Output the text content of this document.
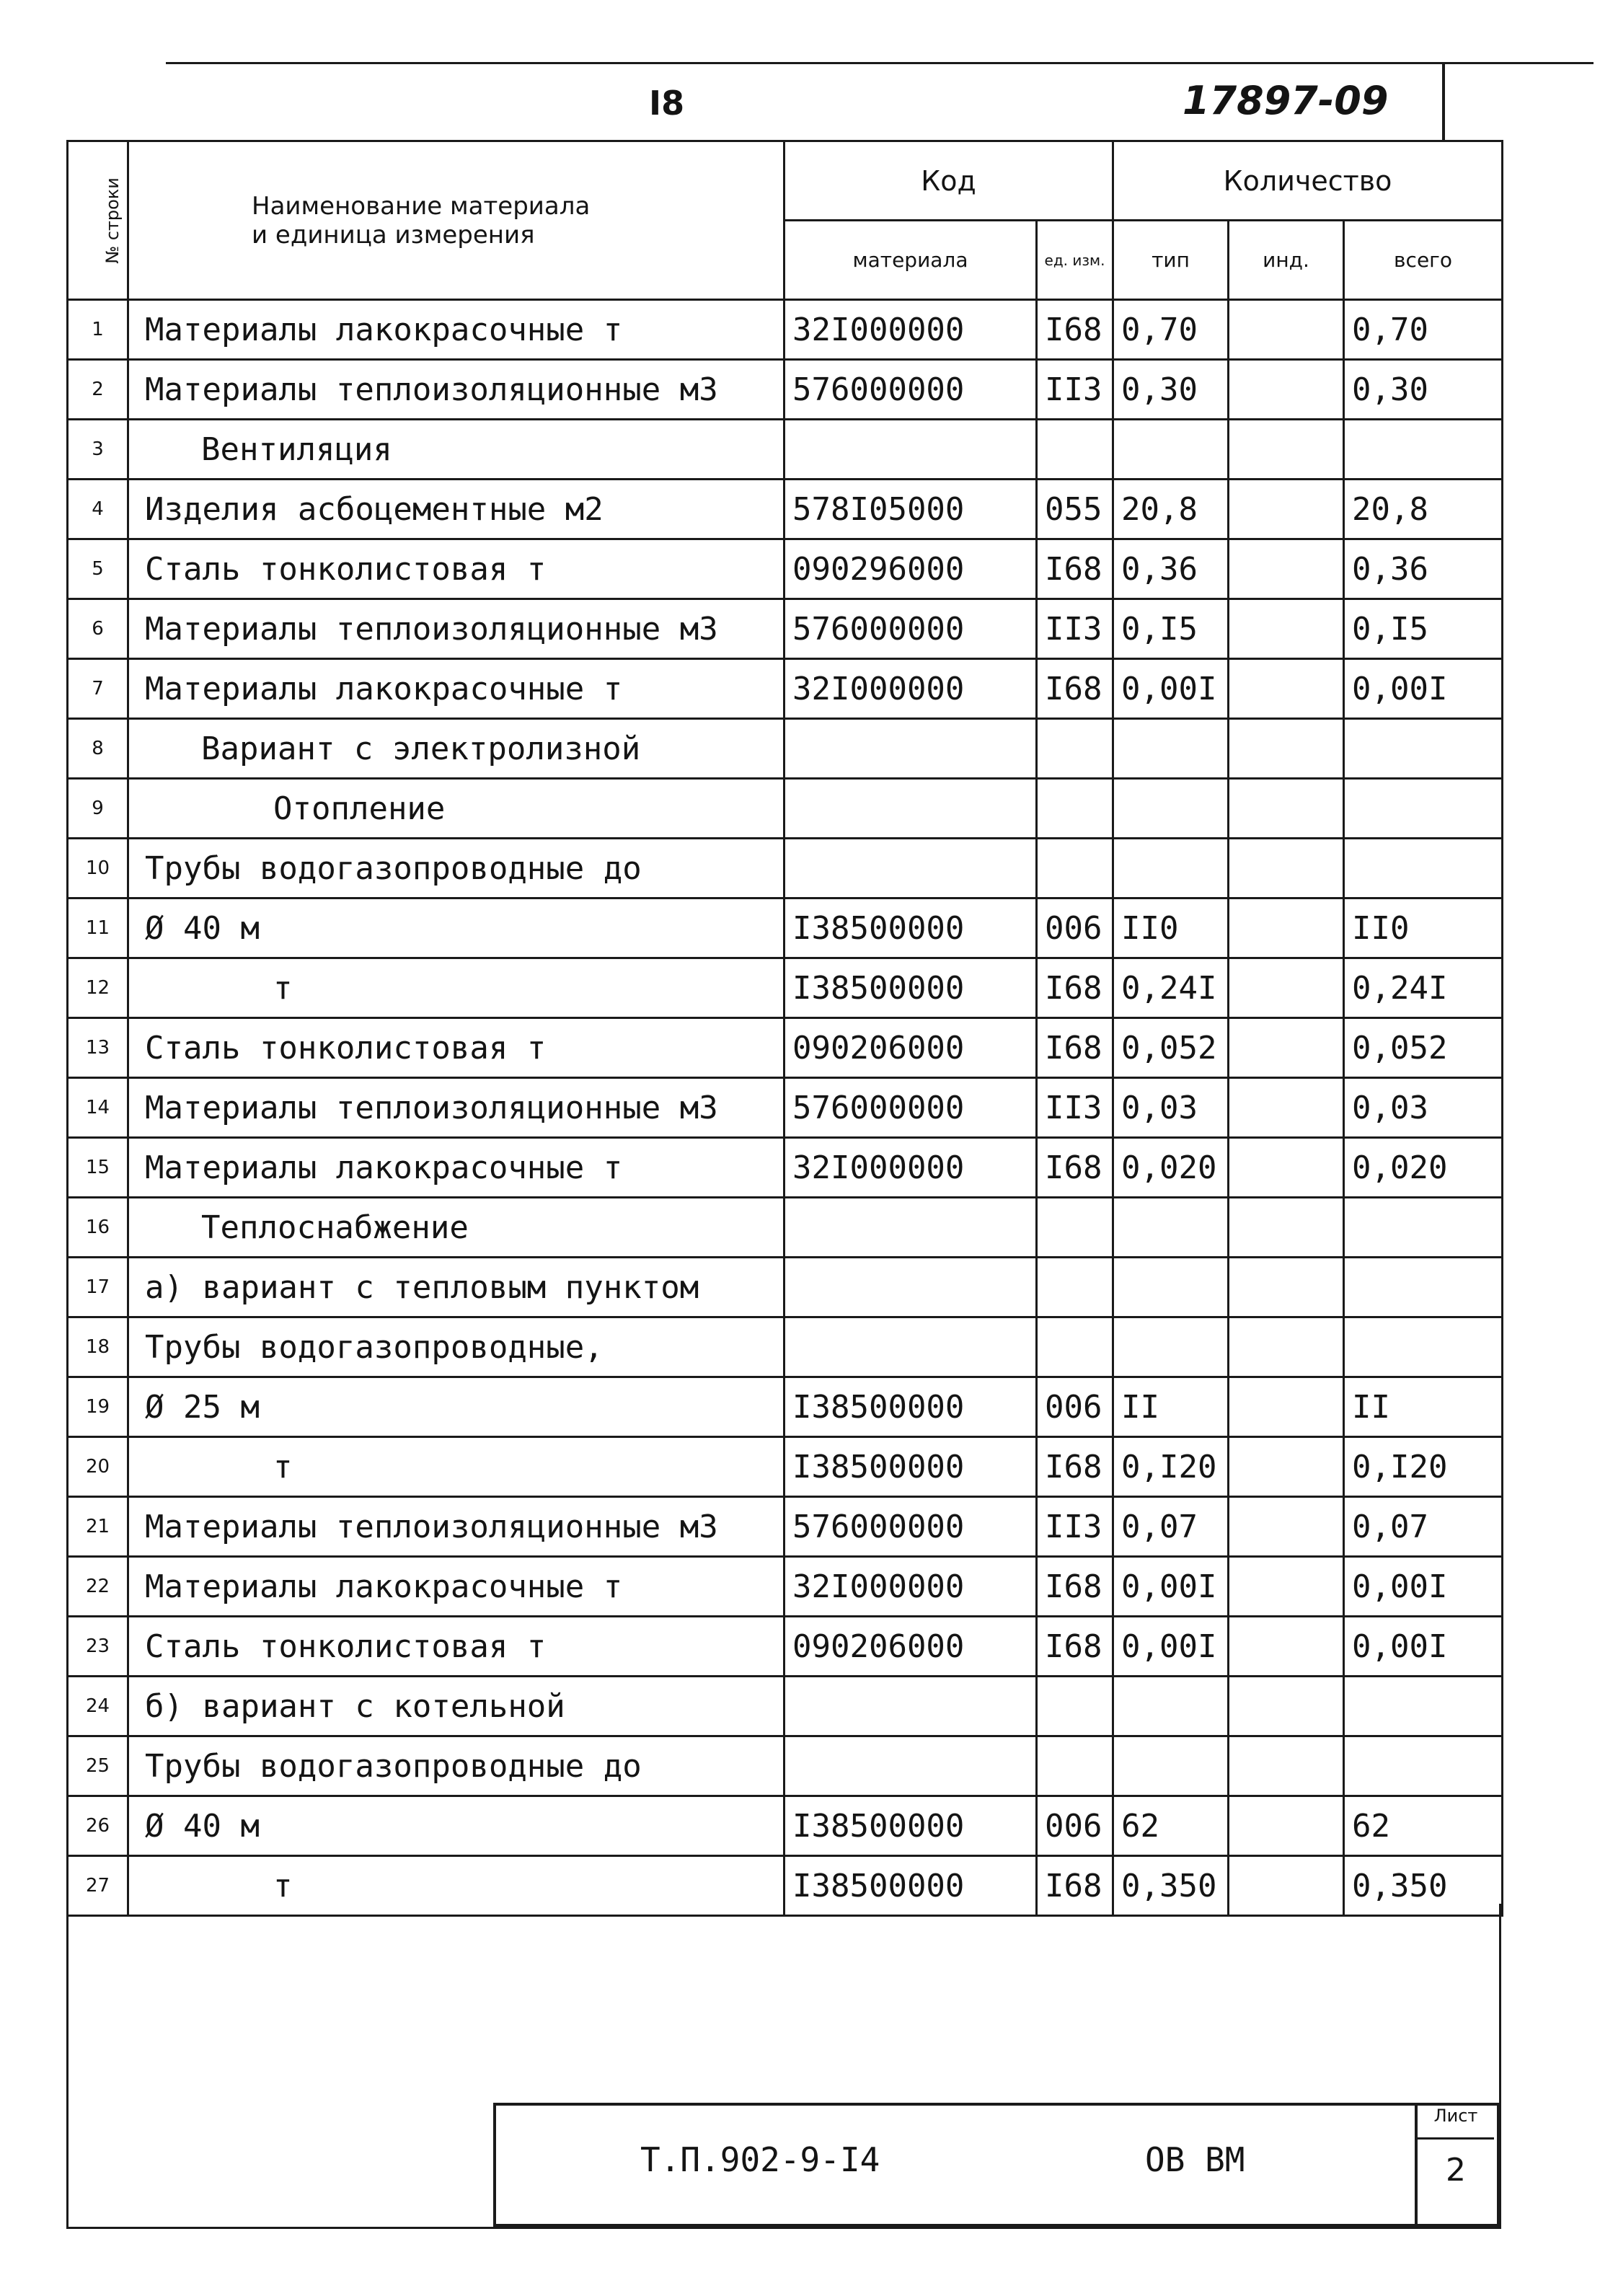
I8	17897-09
№ строки	Наименование материала
и единица измерения	Код		Количество		
		материала	ед. изм.	тип	инд.	всего
1	Материалы лакокрасочные т	32I000000	I68	0,70		0,70
2	Материалы теплоизоляционные м3	576000000	II3	0,30		0,30
3	Вентиляция					
4	Изделия асбоцементные м2	578I05000	055	20,8		20,8
5	Сталь тонколистовая т	090296000	I68	0,36		0,36
6	Материалы теплоизоляционные м3	576000000	II3	0,I5		0,I5
7	Материалы лакокрасочные т	32I000000	I68	0,00I		0,00I
8	Вариант с электролизной					
9	Отопление					
10	Трубы водогазопроводные до					
11	Ø 40 м	I38500000	006	II0		II0
12	т	I38500000	I68	0,24I		0,24I
13	Сталь тонколистовая т	090206000	I68	0,052		0,052
14	Материалы теплоизоляционные м3	576000000	II3	0,03		0,03
15	Материалы лакокрасочные т	32I000000	I68	0,020		0,020
16	Теплоснабжение					
17	а) вариант с тепловым пунктом					
18	Трубы водогазопроводные,					
19	Ø 25 м	I38500000	006	II		II
20	т	I38500000	I68	0,I20		0,I20
21	Материалы теплоизоляционные м3	576000000	II3	0,07		0,07
22	Материалы лакокрасочные т	32I000000	I68	0,00I		0,00I
23	Сталь тонколистовая т	090206000	I68	0,00I		0,00I
24	б) вариант с котельной					
25	Трубы водогазопроводные до					
26	Ø 40 м	I38500000	006	62		62
27	т	I38500000	I68	0,350		0,350
Т.П.902-9-І4	ОВ ВМ
Лист
2
